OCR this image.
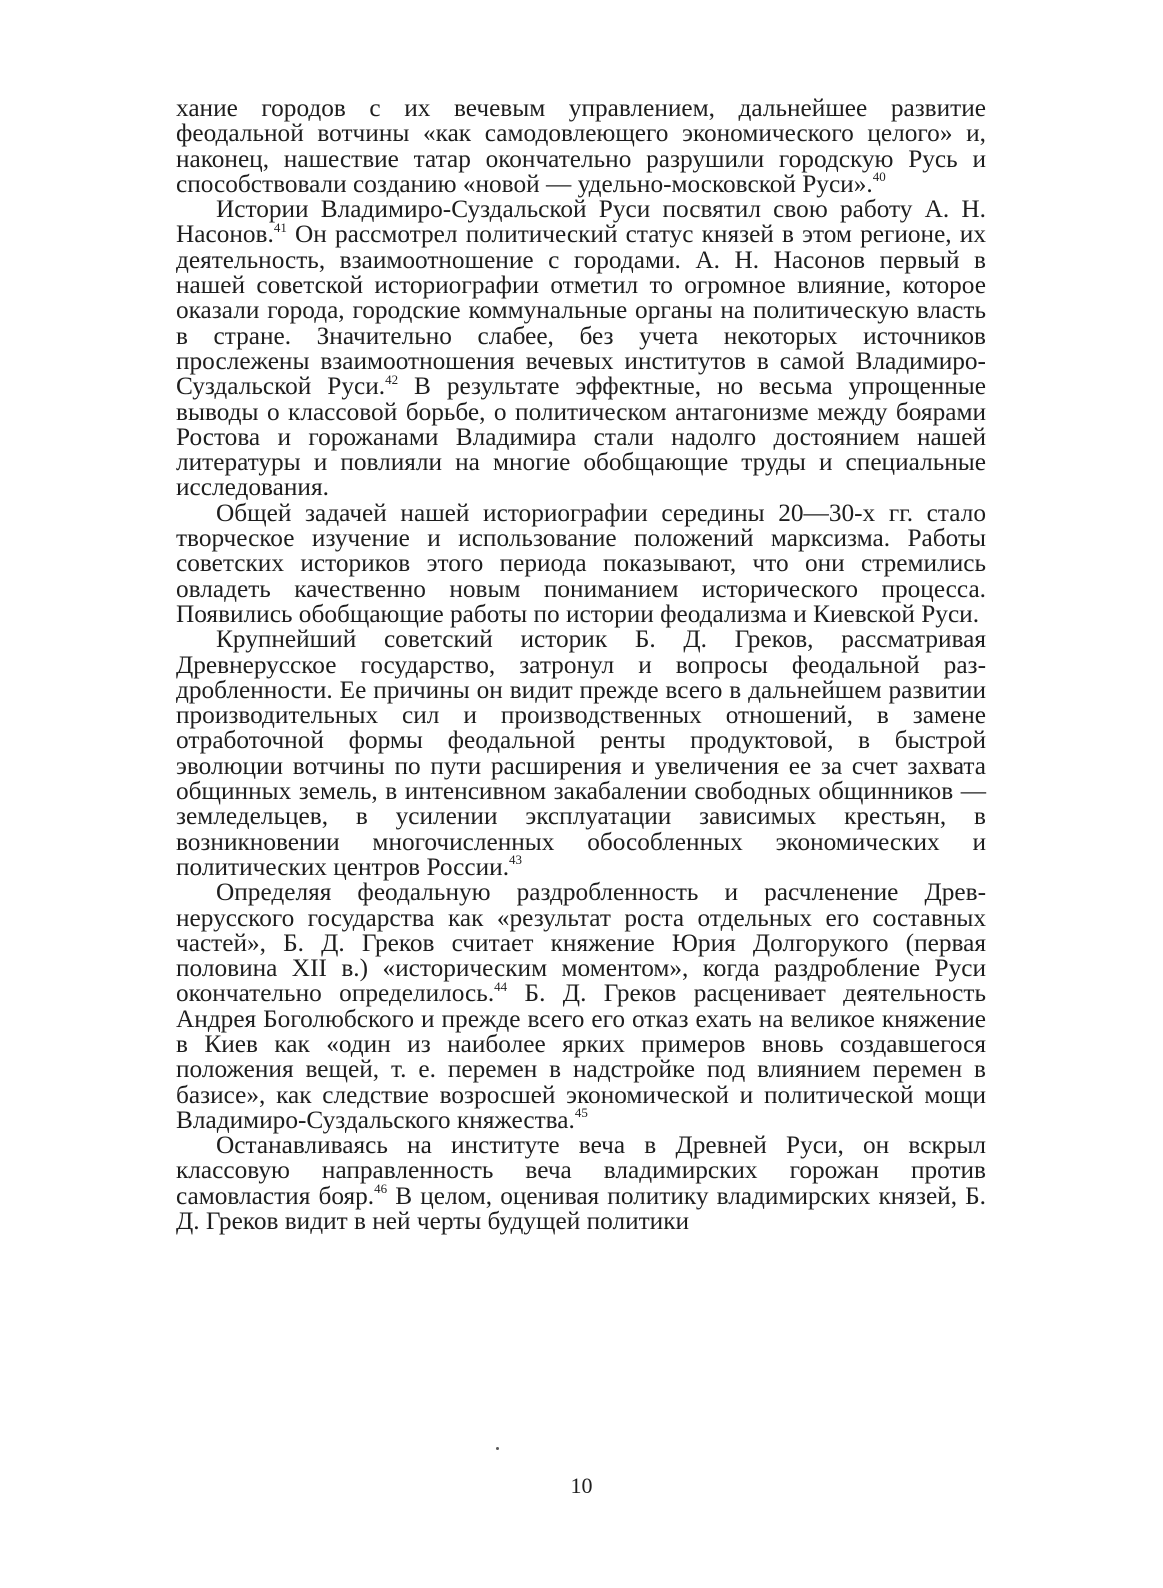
хание городов с их вечевым управлением, дальнейшее развитие феодальной вотчины «как самодовлеющего экономического целого» и, наконец, нашествие татар окончательно разрушили городскую Русь и способствовали созданию «новой — удельно-московской Руси».$^{40}$

Истории Владимиро-Суздальской Руси посвятил свою работу А. Н. Насонов.$^{41}$ Он рассмотрел политический статус князей в этом регионе, их деятельность, взаимоотношение с городами. А. Н. Насонов первый в нашей советской историографии отметил то огромное влияние, которое оказали города, городские коммунальные органы на политическую власть в стране. Значительно слабее, без учета некоторых источников прослежены взаимоотношения вечевых институтов в самой Владимиро-Суздальской Руси.$^{42}$ В результате эффектные, но весьма упрощенные выводы о классовой борьбе, о политическом антагонизме между боярами Ростова и горожанами Владимира стали надолго достоянием нашей литературы и повлияли на многие обобщающие труды и специальные исследования.

Общей задачей нашей историографии середины 20—30-х гг. стало творческое изучение и использование положений марксизма. Работы советских историков этого периода показывают, что они стремились овладеть качественно новым пониманием исторического процесса. Появились обобщающие работы по истории феодализма и Киевской Руси.

Крупнейший советский историк Б. Д. Греков, рассматривая Древнерусское государство, затронул и вопросы феодальной раздробленности. Ее причины он видит прежде всего в дальнейшем развитии производительных сил и производственных отношений, в замене отработочной формы феодальной ренты продуктовой, в быстрой эволюции вотчины по пути расширения и увеличения ее за счет захвата общинных земель, в интенсивном закабалении свободных общинников — земледельцев, в усилении эксплуатации зависимых крестьян, в возникновении многочисленных обособленных экономических и политических центров России.$^{43}$

Определяя феодальную раздробленность и расчленение Древнерусского государства как «результат роста отдельных его составных частей», Б. Д. Греков считает княжение Юрия Долгорукого (первая половина XII в.) «историческим моментом», когда раздробление Руси окончательно определилось.$^{44}$ Б. Д. Греков расценивает деятельность Андрея Боголюбского и прежде всего его отказ ехать на великое княжение в Киев как «один из наиболее ярких примеров вновь создавшегося положения вещей, т. е. перемен в надстройке под влиянием перемен в базисе», как следствие возросшей экономической и политической мощи Владимиро-Суздальского княжества.$^{45}$

Останавливаясь на институте веча в Древней Руси, он вскрыл классовую направленность веча владимирских горожан против самовластия бояр.$^{46}$ В целом, оценивая политику владимирских князей, Б. Д. Греков видит в ней черты будущей политики

10
